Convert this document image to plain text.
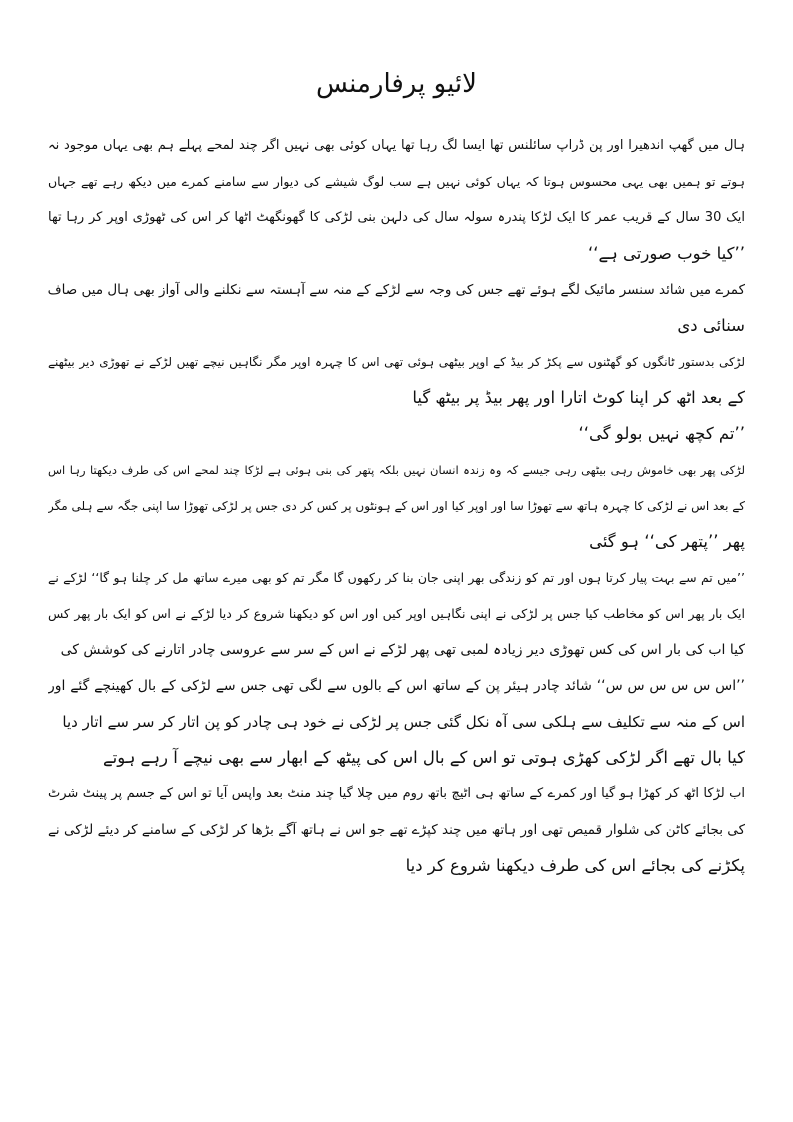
لائیو پرفارمنس
ہال میں گھپ اندھیرا اور پن ڈراپ سائلنس تھا ایسا لگ رہا تھا یہاں کوئی بھی نہیں اگر چند لمحے پہلے ہم بھی یہاں موجود نہ
ہوتے تو ہمیں بھی یہی محسوس ہوتا کہ یہاں کوئی نہیں ہے سب لوگ شیشے کی دیوار سے سامنے کمرے میں دیکھ رہے تھے جہاں
ایک 30 سال کے قریب عمر کا ایک لڑکا پندرہ سولہ سال کی دلہن بنی لڑکی کا گھونگھٹ اٹھا کر اس کی ٹھوڑی اوپر کر رہا تھا
’’کیا خوب صورتی ہے‘‘
کمرے میں شائد سنسر مائیک لگے ہوئے تھے جس کی وجہ سے لڑکے کے منہ سے آہستہ سے نکلنے والی آواز بھی ہال میں صاف
سنائی دی
لڑکی بدستور ٹانگوں کو گھٹنوں سے پکڑ کر بیڈ کے اوپر بیٹھی ہوئی تھی اس کا چہرہ اوپر مگر نگاہیں نیچے تھیں لڑکے نے تھوڑی دیر بیٹھنے
کے بعد اٹھ کر اپنا کوٹ اتارا اور پھر بیڈ پر بیٹھ گیا
’’تم کچھ نہیں بولو گی‘‘
لڑکی پھر بھی خاموش رہی بیٹھی رہی جیسے کہ وہ زندہ انسان نہیں بلکہ پتھر کی بنی ہوئی ہے لڑکا چند لمحے اس کی طرف دیکھتا رہا اس
کے بعد اس نے لڑکی کا چہرہ ہاتھ سے تھوڑا سا اور اوپر کیا اور اس کے ہونٹوں پر کس کر دی جس پر لڑکی تھوڑا سا اپنی جگہ سے ہلی مگر
پھر ’’پتھر کی‘‘ ہو گئی
’’میں تم سے بہت پیار کرتا ہوں اور تم کو زندگی بھر اپنی جان بنا کر رکھوں گا مگر تم کو بھی میرے ساتھ مل کر چلنا ہو گا‘‘ لڑکے نے
ایک بار پھر اس کو مخاطب کیا جس پر لڑکی نے اپنی نگاہیں اوپر کیں اور اس کو دیکھنا شروع کر دیا لڑکے نے اس کو ایک بار پھر کس
کیا اب کی بار اس کی کس تھوڑی دیر زیادہ لمبی تھی پھر لڑکے نے اس کے سر سے عروسی چادر اتارنے کی کوشش کی
’’اس س س س س س‘‘ شائد چادر ہیئر پن کے ساتھ اس کے بالوں سے لگی تھی جس سے لڑکی کے بال کھینچے گئے اور
اس کے منہ سے تکلیف سے ہلکی سی آہ نکل گئی جس پر لڑکی نے خود ہی چادر کو پن اتار کر سر سے اتار دیا
کیا بال تھے اگر لڑکی کھڑی ہوتی تو اس کے بال اس کی پیٹھ کے ابھار سے بھی نیچے آ رہے ہوتے
اب لڑکا اٹھ کر کھڑا ہو گیا اور کمرے کے ساتھ ہی اٹیچ باتھ روم میں چلا گیا چند منٹ بعد واپس آیا تو اس کے جسم پر پینٹ شرٹ
کی بجائے کاٹن کی شلوار قمیص تھی اور ہاتھ میں چند کپڑے تھے جو اس نے ہاتھ آگے بڑھا کر لڑکی کے سامنے کر دیئے لڑکی نے
پکڑنے کی بجائے اس کی طرف دیکھنا شروع کر دیا
